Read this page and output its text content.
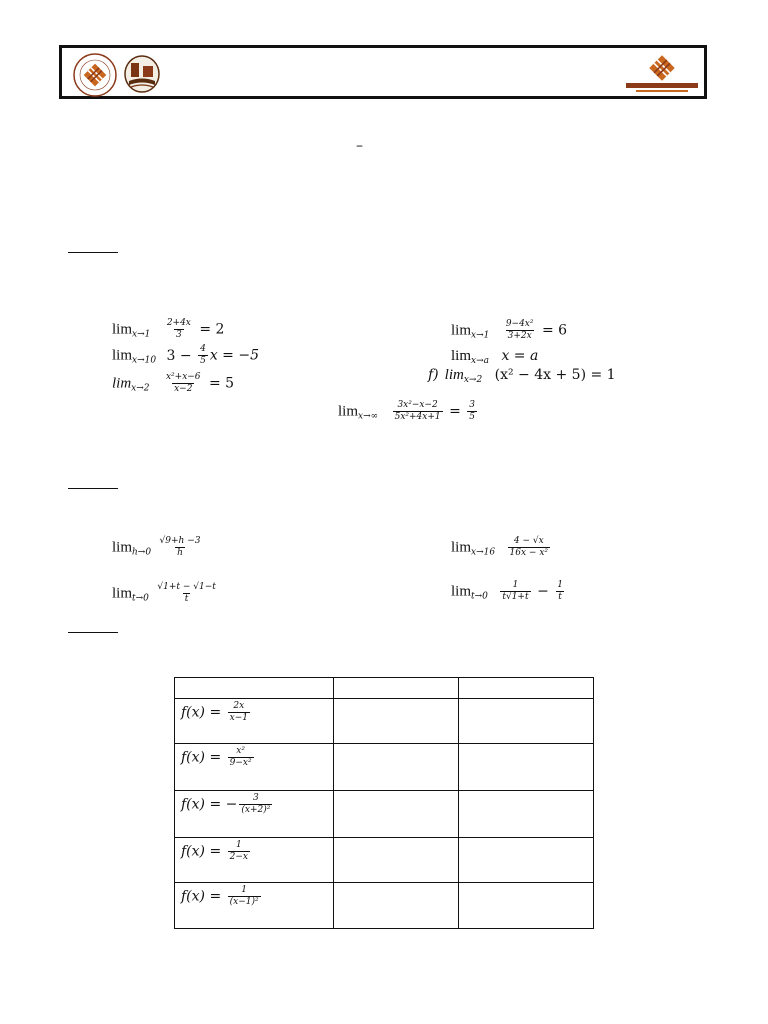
–
$\lim_{x\to 1} \frac{2+4x}{3} = 2$
$\lim_{x\to 10} 3 - \frac{4}{5}$ x = −5
$\lim_{x\to 2} \frac{\text{x²+x−6}}{x-2} = 5$
$\lim_{x\to 1} \frac{\text{9−4x²}}{3+2x} = 6$
$\lim_{x\to a} x = a$
f) $\lim_{x\to 2} (x^2 - 4x + 5) = 1$
$\lim_{x\to\infty} \frac{\text{3x²−x−2}}{\text{5x²+4x+1}} = \frac{3}{5}$
$\lim_{h\to 0} \frac{√9+h -3}{h}$	$\lim_{x\to 16} \frac{4 - √x}{\text{16x − x²}}$
$\lim_{t\to 0} \frac{√1+t - √1-t}{t}$	$\lim_{t\to 0} \frac{1}{t√1+t} - \frac{1}{t}$

$f(x) = \frac{2x}{x-1}$

$f(x) = \frac{\text{x²}}{\text{9−x²}}$

f(x) = − $\frac{3}{\text{(x+2)²}}$

$f(x) = \frac{1}{2-x}$

$f(x) = \frac{1}{\text{(x−1)²}}$
